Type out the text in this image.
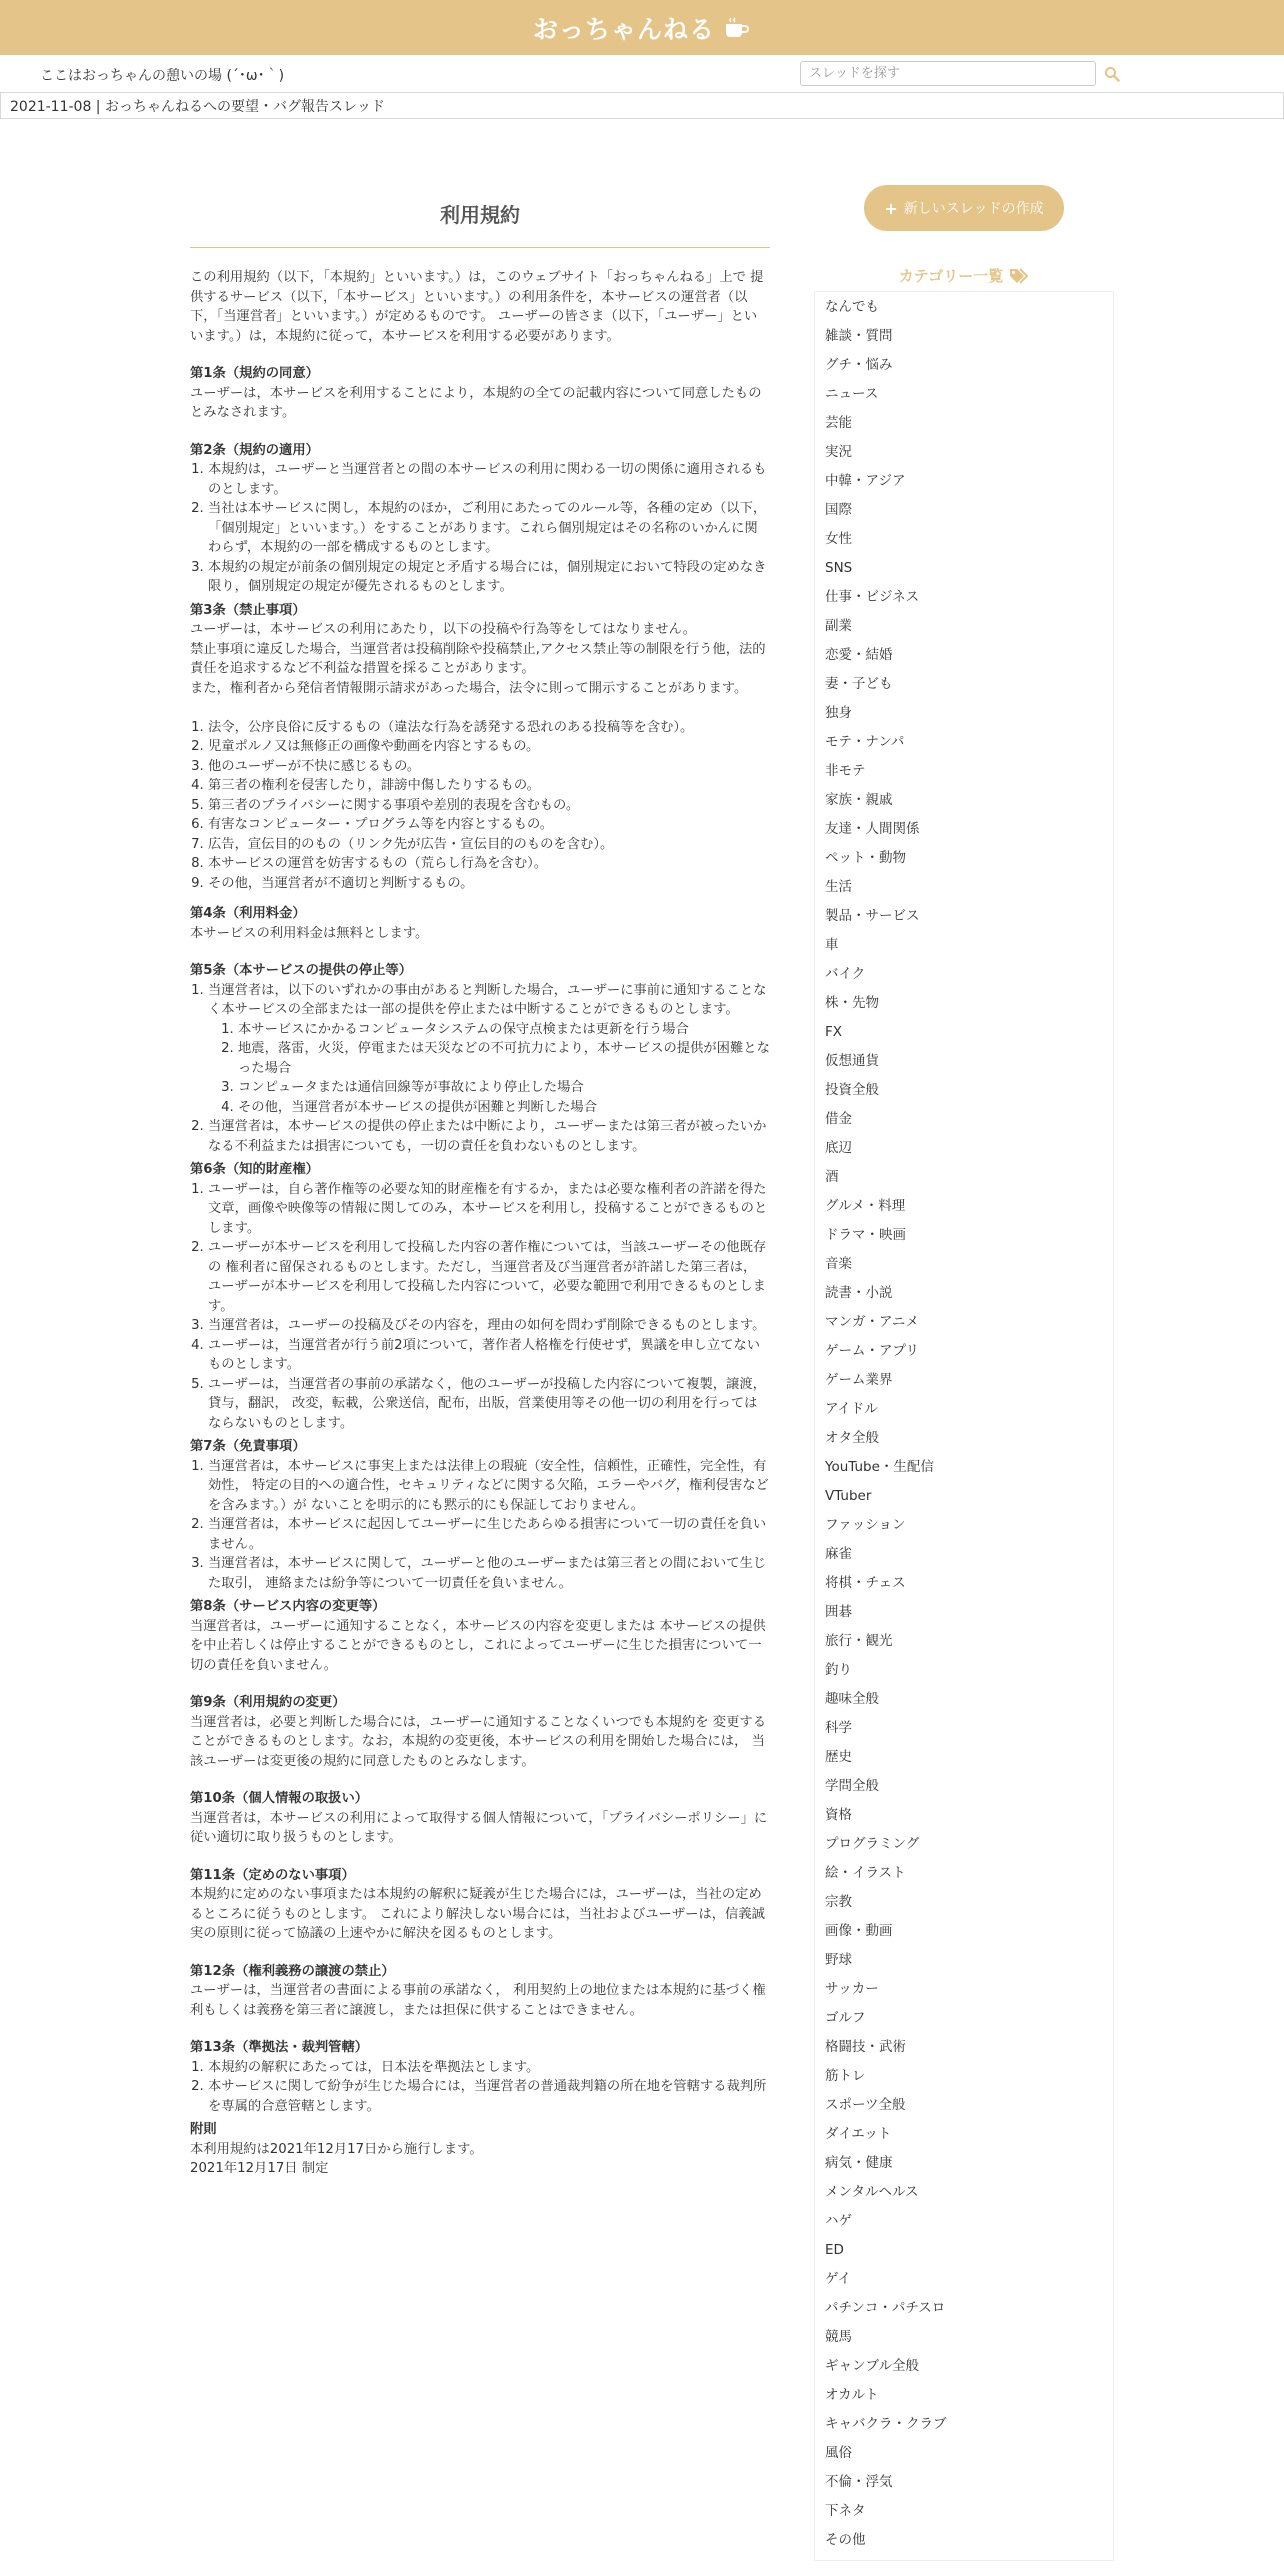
おっちゃんねる
ここはおっちゃんの憩いの場 (´･ω･｀)
スレッドを探す
2021-11-08 | おっちゃんねるへの要望・バグ報告スレッド
利用規約

この利用規約（以下，「本規約」といいます。）は，このウェブサイト「おっちゃんねる」上で 提供するサービス（以下，「本サービス」といいます。）の利用条件を，本サービスの運営者（以下，「当運営者」といいます。）が定めるものです。 ユーザーの皆さま（以下，「ユーザー」といいます。）は，本規約に従って，本サービスを利用する必要があります。

第1条（規約の同意）

ユーザーは，本サービスを利用することにより，本規約の全ての記載内容について同意したものとみなされます。

第2条（規約の適用）
1. 本規約は，ユーザーと当運営者との間の本サービスの利用に関わる一切の関係に適用されるものとします。
2. 当社は本サービスに関し，本規約のほか，ご利用にあたってのルール等，各種の定め（以下，「個別規定」といいます。）をすることがあります。これら個別規定はその名称のいかんに関わらず，本規約の一部を構成するものとします。
3. 本規約の規定が前条の個別規定の規定と矛盾する場合には，個別規定において特段の定めなき限り，個別規定の規定が優先されるものとします。
第3条（禁止事項）

ユーザーは，本サービスの利用にあたり，以下の投稿や行為等をしてはなりません。

禁止事項に違反した場合，当運営者は投稿削除や投稿禁止,アクセス禁止等の制限を行う他，法的責任を追求するなど不利益な措置を採ることがあります。

また，権利者から発信者情報開示請求があった場合，法令に則って開示することがあります。

1. 法令，公序良俗に反するもの（違法な行為を誘発する恐れのある投稿等を含む）。
2. 児童ポルノ又は無修正の画像や動画を内容とするもの。
3. 他のユーザーが不快に感じるもの。
4. 第三者の権利を侵害したり，誹謗中傷したりするもの。
5. 第三者のプライバシーに関する事項や差別的表現を含むもの。
6. 有害なコンピューター・プログラム等を内容とするもの。
7. 広告，宣伝目的のもの（リンク先が広告・宣伝目的のものを含む）。
8. 本サービスの運営を妨害するもの（荒らし行為を含む）。
9. その他，当運営者が不適切と判断するもの。
第4条（利用料金）

本サービスの利用料金は無料とします。

第5条（本サービスの提供の停止等）
1. 当運営者は，以下のいずれかの事由があると判断した場合，ユーザーに事前に通知することなく本サービスの全部または一部の提供を停止または中断することができるものとします。
1. 本サービスにかかるコンピュータシステムの保守点検または更新を行う場合
2. 地震，落雷，火災，停電または天災などの不可抗力により，本サービスの提供が困難となった場合
3. コンピュータまたは通信回線等が事故により停止した場合
4. その他，当運営者が本サービスの提供が困難と判断した場合
2. 当運営者は，本サービスの提供の停止または中断により，ユーザーまたは第三者が被ったいかなる不利益または損害についても，一切の責任を負わないものとします。
第6条（知的財産権）
1. ユーザーは，自ら著作権等の必要な知的財産権を有するか，または必要な権利者の許諾を得た文章，画像や映像等の情報に関してのみ，本サービスを利用し，投稿することができるものとします。
2. ユーザーが本サービスを利用して投稿した内容の著作権については，当該ユーザーその他既存の 権利者に留保されるものとします。ただし，当運営者及び当運営者が許諾した第三者は， ユーザーが本サービスを利用して投稿した内容について，必要な範囲で利用できるものとします。
3. 当運営者は，ユーザーの投稿及びその内容を，理由の如何を問わず削除できるものとします。
4. ユーザーは，当運営者が行う前2項について，著作者人格権を行使せず，異議を申し立てないものとします。
5. ユーザーは，当運営者の事前の承諾なく，他のユーザーが投稿した内容について複製，譲渡，貸与，翻訳， 改変，転載，公衆送信，配布，出版，営業使用等その他一切の利用を行ってはならないものとします。
第7条（免責事項）
1. 当運営者は，本サービスに事実上または法律上の瑕疵（安全性，信頼性，正確性，完全性，有効性， 特定の目的への適合性，セキュリティなどに関する欠陥，エラーやバグ，権利侵害などを含みます。）が ないことを明示的にも黙示的にも保証しておりません。
2. 当運営者は，本サービスに起因してユーザーに生じたあらゆる損害について一切の責任を負いません。
3. 当運営者は，本サービスに関して，ユーザーと他のユーザーまたは第三者との間において生じた取引， 連絡または紛争等について一切責任を負いません。
第8条（サービス内容の変更等）

当運営者は，ユーザーに通知することなく，本サービスの内容を変更しまたは 本サービスの提供を中止若しくは停止することができるものとし，これによってユーザーに生じた損害について一切の責任を負いません。

第9条（利用規約の変更）

当運営者は，必要と判断した場合には，ユーザーに通知することなくいつでも本規約を 変更することができるものとします。なお，本規約の変更後，本サービスの利用を開始した場合には， 当該ユーザーは変更後の規約に同意したものとみなします。

第10条（個人情報の取扱い）

当運営者は，本サービスの利用によって取得する個人情報について，「プライバシーポリシー」に従い適切に取り扱うものとします。

第11条（定めのない事項）

本規約に定めのない事項または本規約の解釈に疑義が生じた場合には，ユーザーは，当社の定めるところに従うものとします。 これにより解決しない場合には，当社およびユーザーは，信義誠実の原則に従って協議の上速やかに解決を図るものとします。

第12条（権利義務の譲渡の禁止）

ユーザーは，当運営者の書面による事前の承諾なく， 利用契約上の地位または本規約に基づく権利もしくは義務を第三者に譲渡し，または担保に供することはできません。

第13条（準拠法・裁判管轄）
1. 本規約の解釈にあたっては，日本法を準拠法とします。
2. 本サービスに関して紛争が生じた場合には，当運営者の普通裁判籍の所在地を管轄する裁判所を専属的合意管轄とします。
附則

本利用規約は2021年12月17日から施行します。

2021年12月17日 制定

+ 新しいスレッドの作成
カテゴリー一覧
なんでも
雑談・質問
グチ・悩み
ニュース
芸能
実況
中韓・アジア
国際
女性
SNS
仕事・ビジネス
副業
恋愛・結婚
妻・子ども
独身
モテ・ナンパ
非モテ
家族・親戚
友達・人間関係
ペット・動物
生活
製品・サービス
車
バイク
株・先物
FX
仮想通貨
投資全般
借金
底辺
酒
グルメ・料理
ドラマ・映画
音楽
読書・小説
マンガ・アニメ
ゲーム・アプリ
ゲーム業界
アイドル
オタ全般
YouTube・生配信
VTuber
ファッション
麻雀
将棋・チェス
囲碁
旅行・観光
釣り
趣味全般
科学
歴史
学問全般
資格
プログラミング
絵・イラスト
宗教
画像・動画
野球
サッカー
ゴルフ
格闘技・武術
筋トレ
スポーツ全般
ダイエット
病気・健康
メンタルヘルス
ハゲ
ED
ゲイ
パチンコ・パチスロ
競馬
ギャンブル全般
オカルト
キャバクラ・クラブ
風俗
不倫・浮気
下ネタ
その他
